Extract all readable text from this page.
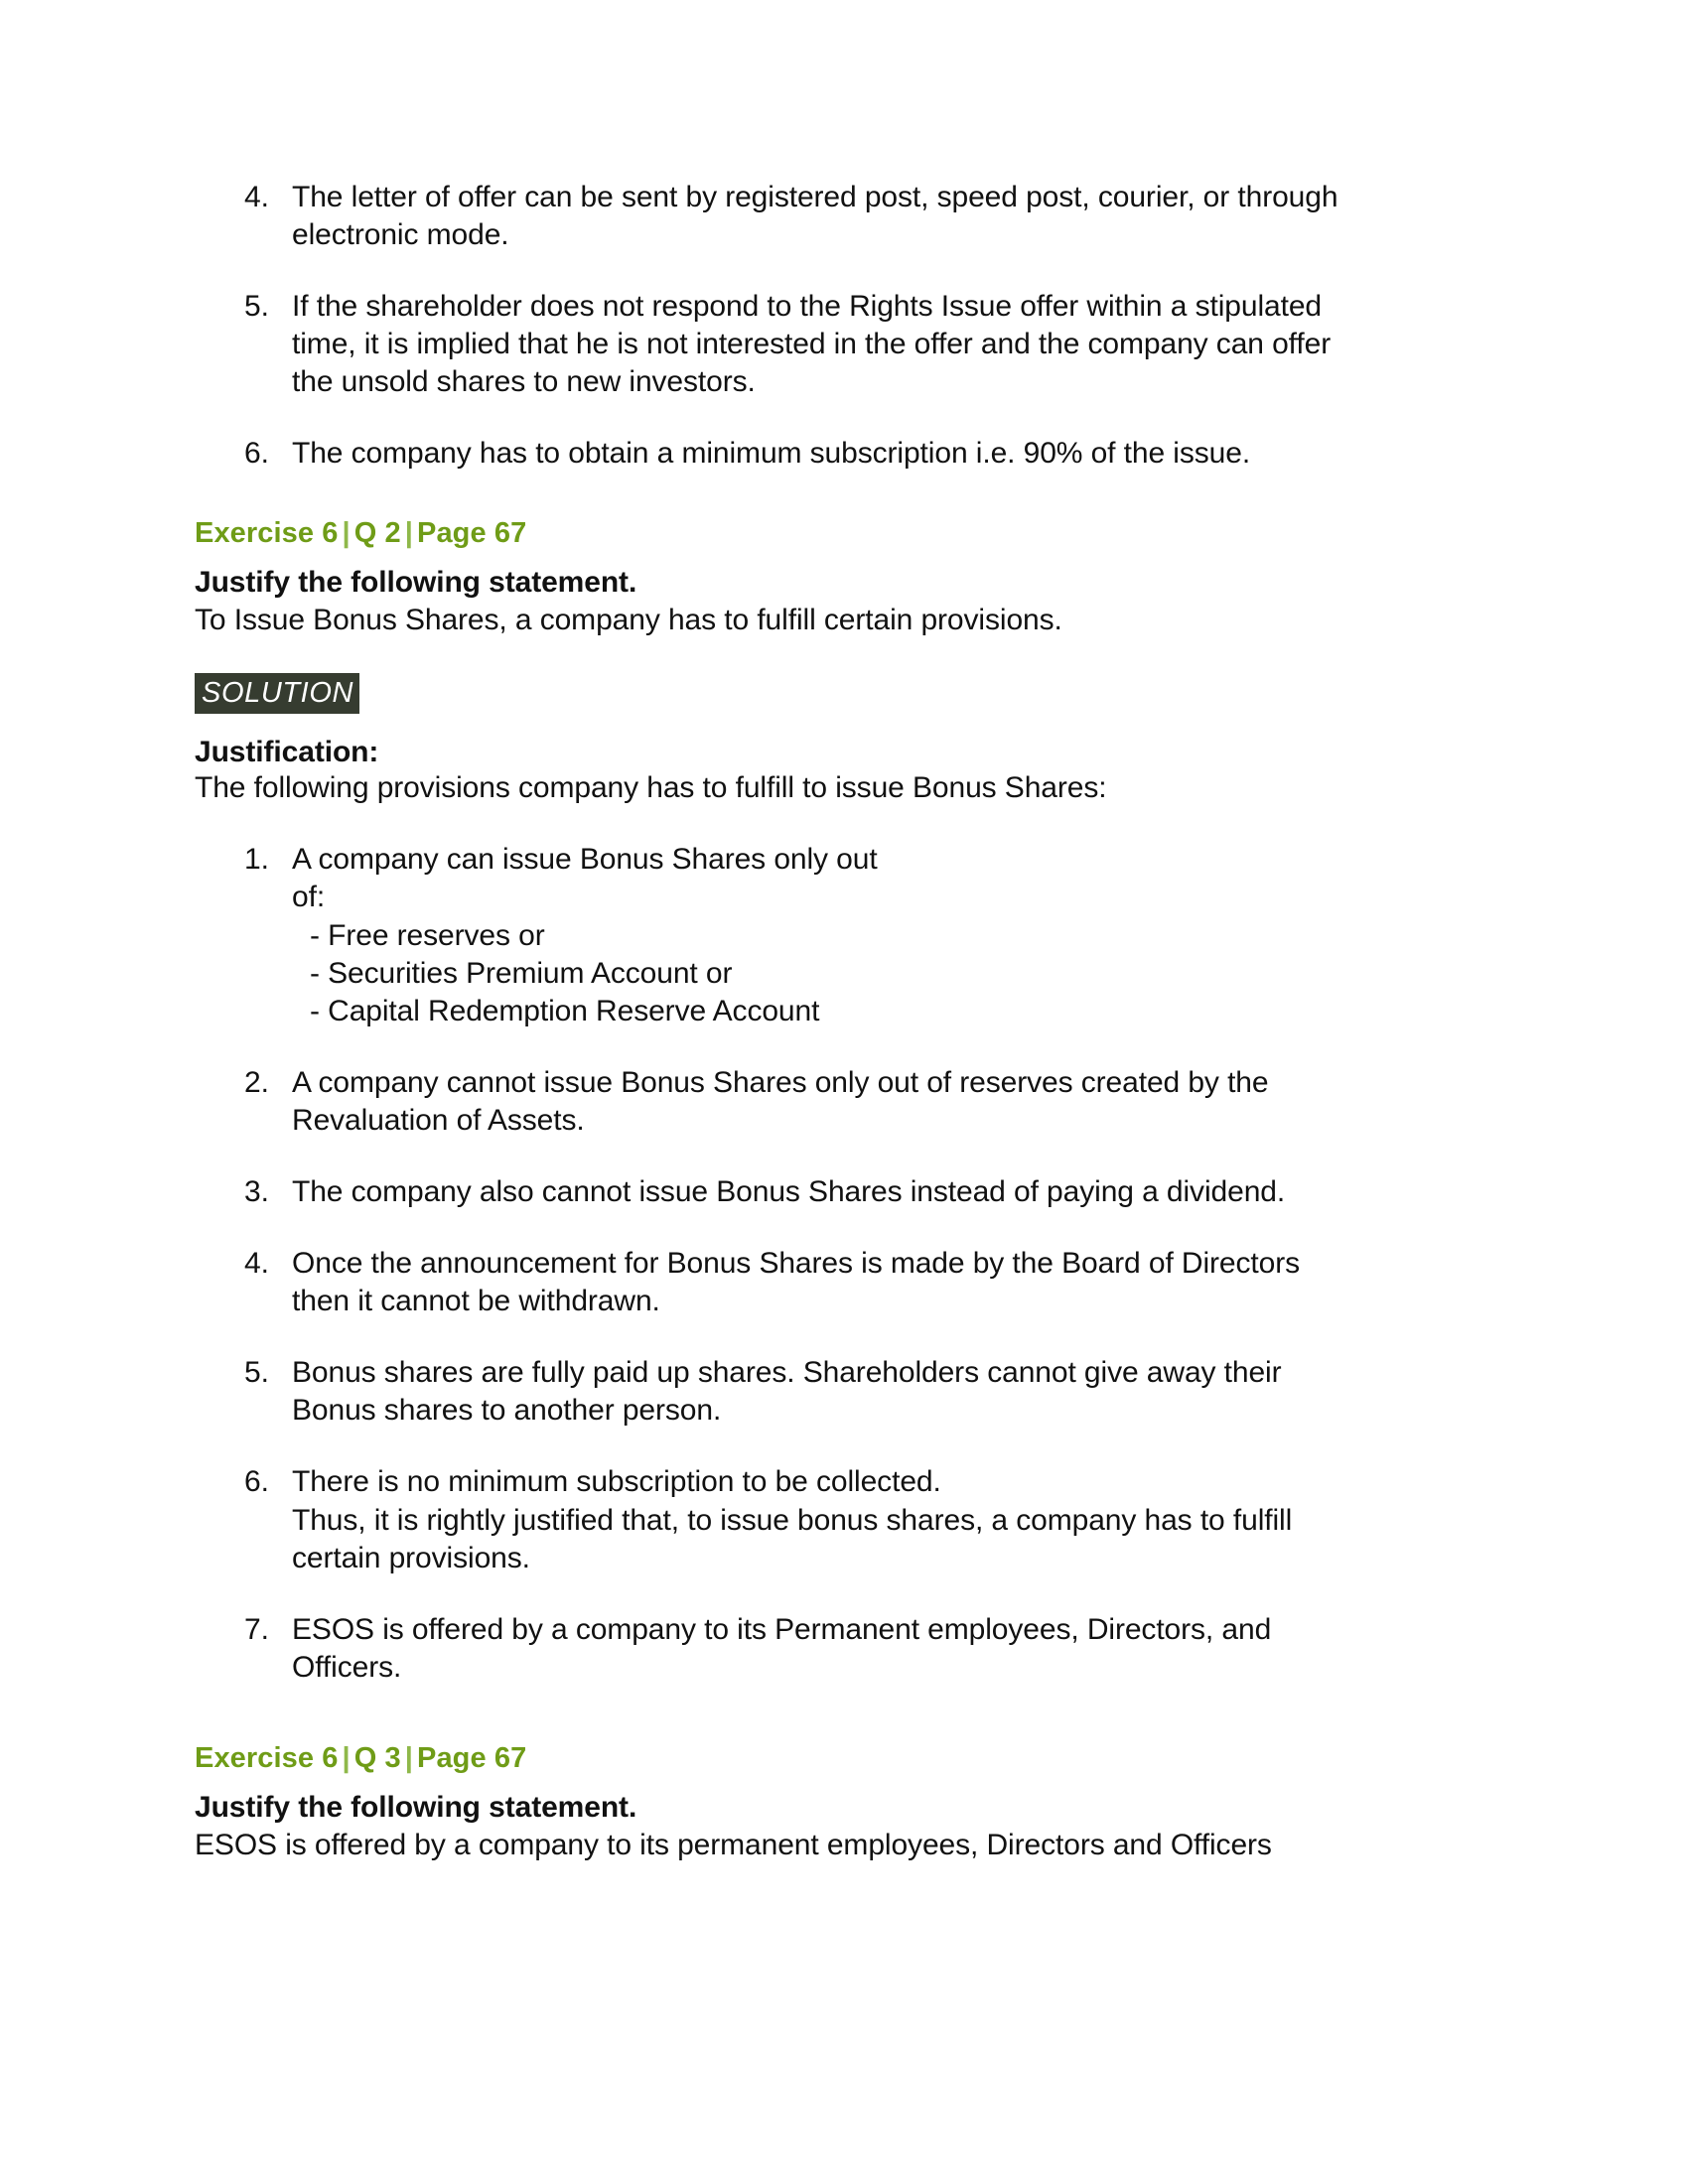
4. The letter of offer can be sent by registered post, speed post, courier, or through
electronic mode.
5. If the shareholder does not respond to the Rights Issue offer within a stipulated
time, it is implied that he is not interested in the offer and the company can offer
the unsold shares to new investors.
6. The company has to obtain a minimum subscription i.e. 90% of the issue.
Exercise 6 | Q 2 | Page 67
Justify the following statement.
To Issue Bonus Shares, a company has to fulfill certain provisions.
SOLUTION
Justification:
The following provisions company has to fulfill to issue Bonus Shares:
1. A company can issue Bonus Shares only out
of:
- Free reserves or
- Securities Premium Account or
- Capital Redemption Reserve Account
2. A company cannot issue Bonus Shares only out of reserves created by the
Revaluation of Assets.
3. The company also cannot issue Bonus Shares instead of paying a dividend.
4. Once the announcement for Bonus Shares is made by the Board of Directors
then it cannot be withdrawn.
5. Bonus shares are fully paid up shares. Shareholders cannot give away their
Bonus shares to another person.
6. There is no minimum subscription to be collected.
Thus, it is rightly justified that, to issue bonus shares, a company has to fulfill
certain provisions.
7. ESOS is offered by a company to its Permanent employees, Directors, and
Officers.
Exercise 6 | Q 3 | Page 67
Justify the following statement.
ESOS is offered by a company to its permanent employees, Directors and Officers
